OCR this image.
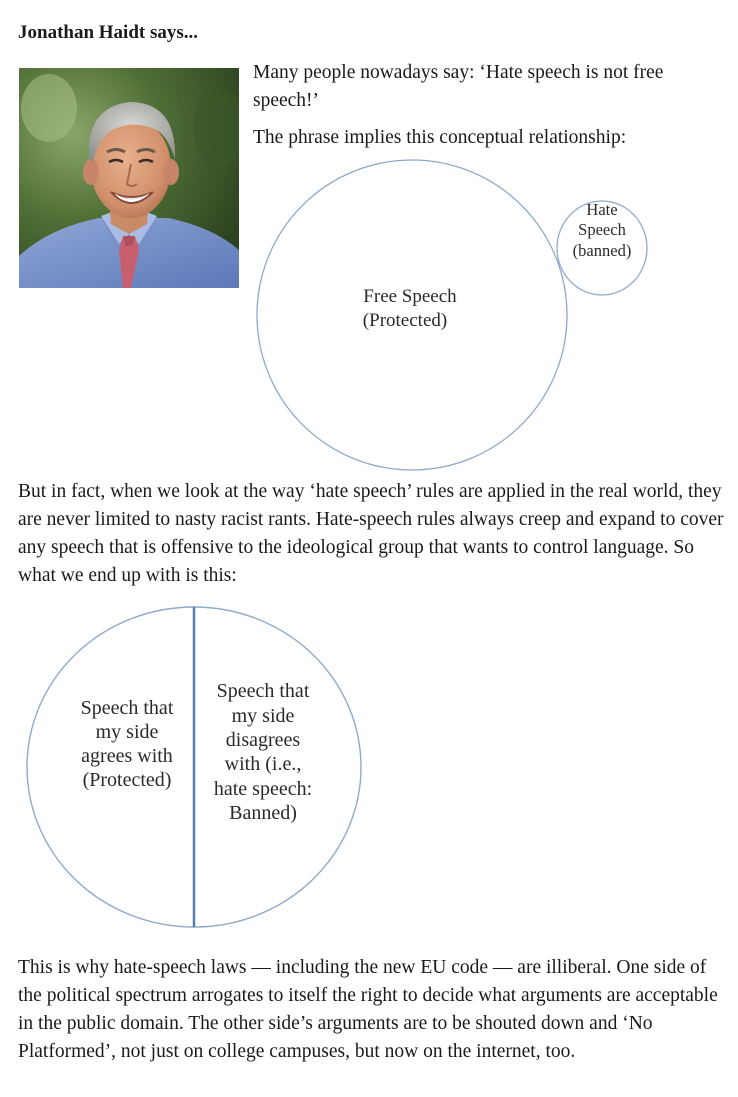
Jonathan Haidt says...

Many people nowadays say: ‘Hate speech is not free speech!’

The phrase implies this conceptual relationship:

Free Speech
(Protected)
Hate
Speech
(banned)

But in fact, when we look at the way ‘hate speech’ rules are applied in the real world, they are never limited to nasty racist rants. Hate-speech rules always creep and expand to cover any speech that is offensive to the ideological group that wants to control language. So what we end up with is this:

Speech that
my side
agrees with
(Protected)
Speech that
my side
disagrees
with (i.e.,
hate speech:
Banned)

This is why hate-speech laws — including the new EU code — are illiberal. One side of the political spectrum arrogates to itself the right to decide what arguments are acceptable in the public domain. The other side’s arguments are to be shouted down and ‘No Platformed’, not just on college campuses, but now on the internet, too.
